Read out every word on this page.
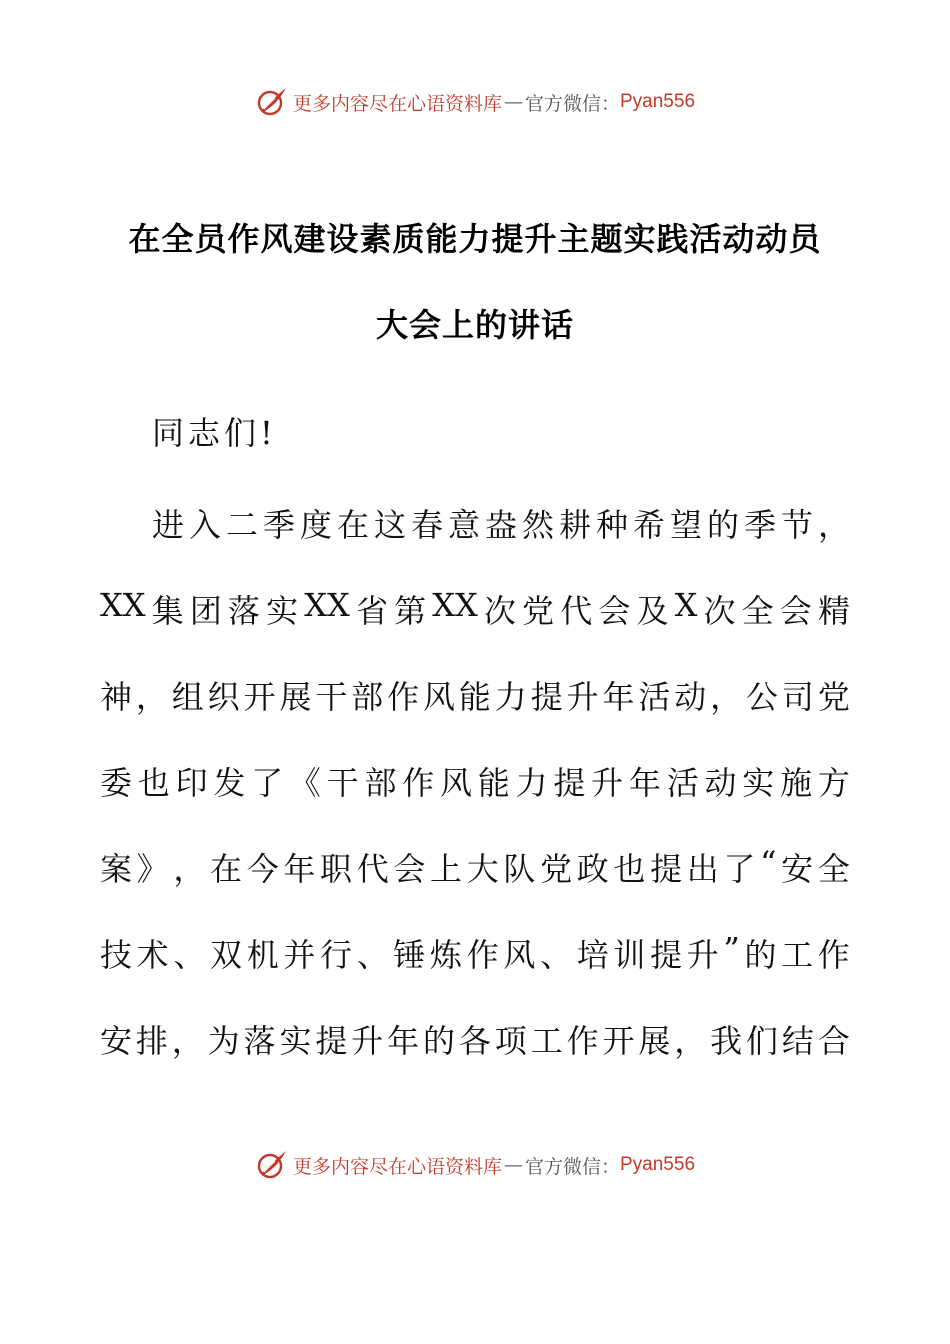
更多内容尽在心语资料库 — 官方微信： Pyan556
在全员作风建设素质能力提升主题实践活动动员
大会上的讲话
同志们!
进入二季度在这春意盎然耕种希望的季节，
XX 集 团 落 实 XX 省 第 XX 次 党 代 会 及 X 次 全 会 精
神 ， 组 织 开 展 干 部 作 风 能 力 提 升 年 活 动 ， 公 司 党
委 也 印 发 了 《 干 部 作 风 能 力 提 升 年 活 动 实 施 方
案 》 ， 在 今 年 职 代 会 上 大 队 党 政 也 提 出 了 “ 安 全
技 术 、 双 机 并 行 、 锤 炼 作 风 、 培 训 提 升 ” 的 工 作
安 排 ， 为 落 实 提 升 年 的 各 项 工 作 开 展 ， 我 们 结 合
更多内容尽在心语资料库 — 官方微信： Pyan556
